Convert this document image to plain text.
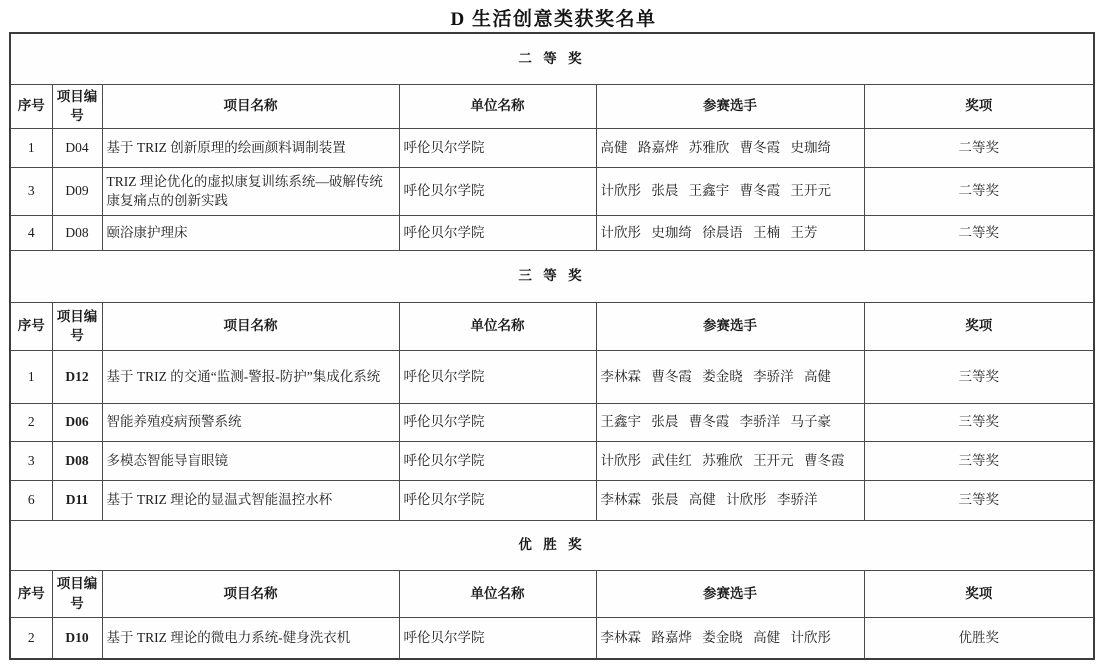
D 生活创意类获奖名单
二 等 奖					
序号	项目编号	项目名称	单位名称	参赛选手	奖项
1	D04	基于 TRIZ 创新原理的绘画颜料调制装置	呼伦贝尔学院	高健 路嘉烨 苏雅欣 曹冬霞 史珈绮	二等奖
3	D09	TRIZ 理论优化的虚拟康复训练系统—破解传统康复痛点的创新实践	呼伦贝尔学院	计欣彤 张晨 王鑫宇 曹冬霞 王开元	二等奖
4	D08	颐浴康护理床	呼伦贝尔学院	计欣彤 史珈绮 徐晨语 王楠 王芳	二等奖
三 等 奖					
序号	项目编号	项目名称	单位名称	参赛选手	奖项
1	D12	基于 TRIZ 的交通“监测-警报-防护”集成化系统	呼伦贝尔学院	李林霖 曹冬霞 娄金晓 李骄洋 高健	三等奖
2	D06	智能养殖疫病预警系统	呼伦贝尔学院	王鑫宇 张晨 曹冬霞 李骄洋 马子豪	三等奖
3	D08	多模态智能导盲眼镜	呼伦贝尔学院	计欣彤 武佳红 苏雅欣 王开元 曹冬霞	三等奖
6	D11	基于 TRIZ 理论的显温式智能温控水杯	呼伦贝尔学院	李林霖 张晨 高健 计欣彤 李骄洋	三等奖
优 胜 奖					
序号	项目编号	项目名称	单位名称	参赛选手	奖项
2	D10	基于 TRIZ 理论的微电力系统-健身洗衣机	呼伦贝尔学院	李林霖 路嘉烨 娄金晓 高健 计欣彤	优胜奖
